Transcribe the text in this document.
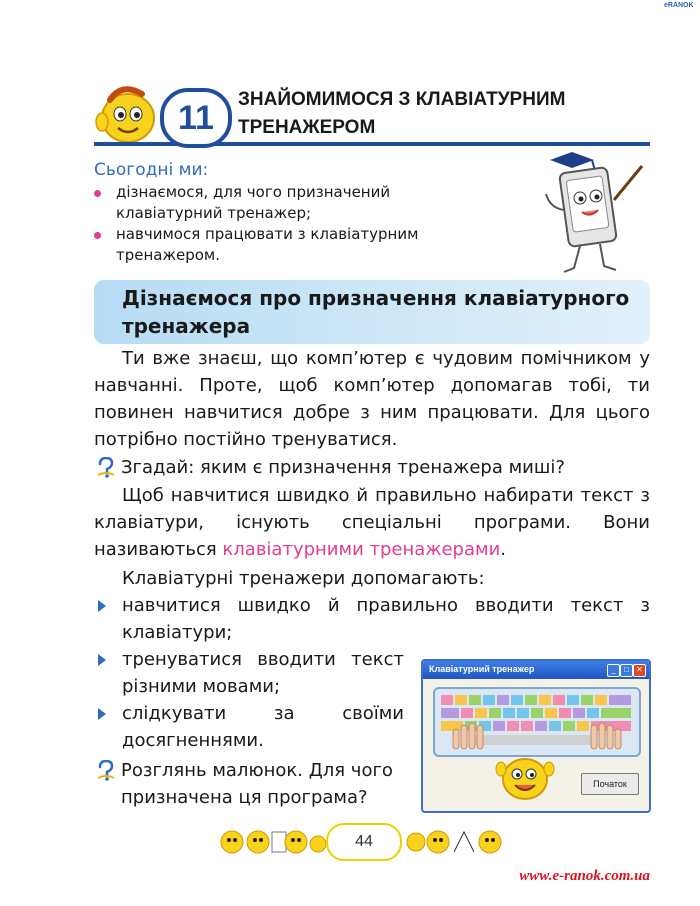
eRANOK
11	ЗНАЙОМИМОСЯ З КЛАВІАТУРНИМ
ТРЕНАЖЕРОМ
Сьогодні ми:
дізнаємося, для чого призначений клавіатурний тренажер;
навчимося працювати з клавіатурним тренажером.
Дізнаємося про призначення клавіатурного тренажера
Ти вже знаєш, що комп’ютер є чудовим помічником у навчанні. Проте, щоб комп’ютер допомагав тобі, ти повинен навчитися добре з ним працювати. Для цього потрібно постійно тренуватися.
Згадай: яким є призначення тренажера миші?
Щоб навчитися швидко й правильно набирати текст з клавіатури, існують спеціальні програми. Вони називаються клавіатурними тренажерами.
Клавіатурні тренажери допомагають:
навчитися швидко й правильно вводити текст з клавіатури;
тренуватися вводити текст різними мовами;
слідкувати за своїми досягненнями.
Розглянь малюнок. Для чого призначена ця програма?
Клавіатурний тренажер	_	□ ✕
Початок
44
www.e-ranok.com.ua
